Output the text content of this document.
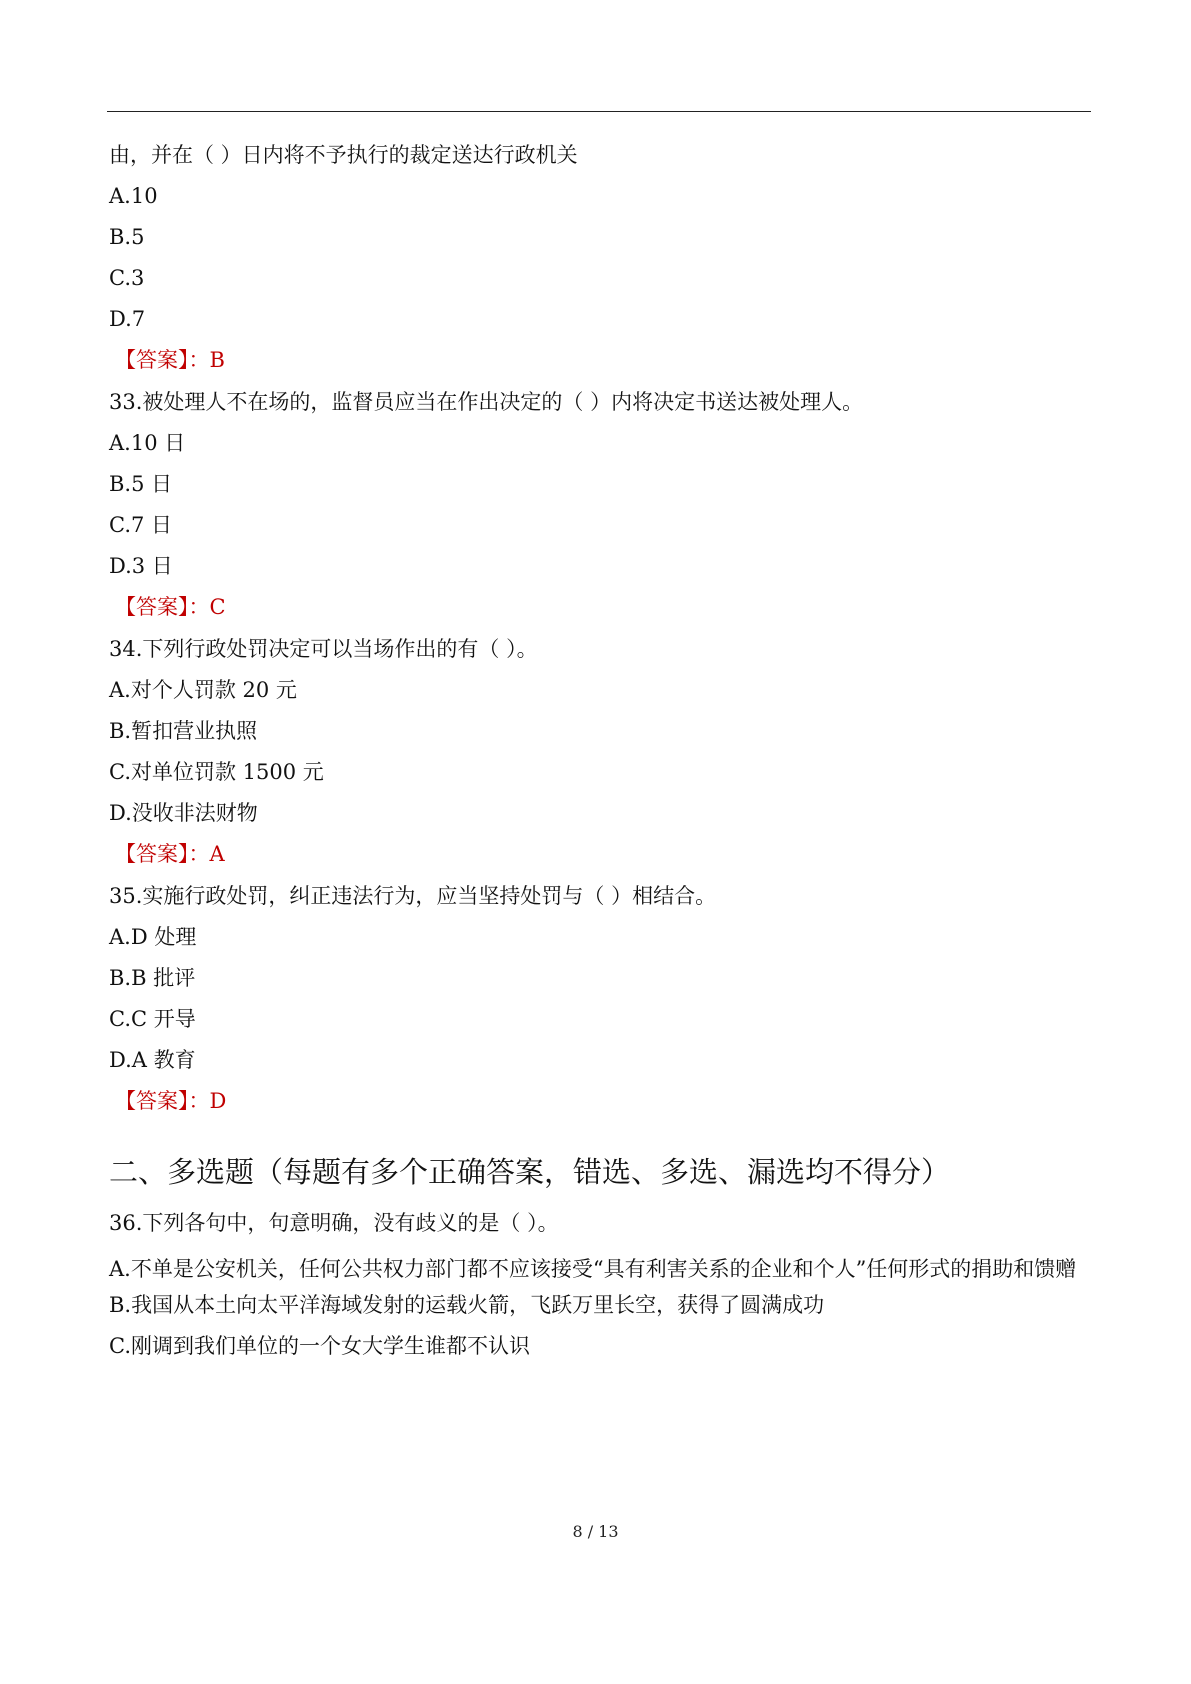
由，并在（ ）日内将不予执行的裁定送达行政机关
A.10
B.5
C.3
D.7
【答案】：B
33.被处理人不在场的，监督员应当在作出决定的（ ）内将决定书送达被处理人。
A.10 日
B.5 日
C.7 日
D.3 日
【答案】：C
34.下列行政处罚决定可以当场作出的有（ ）。
A.对个人罚款 20 元
B.暂扣营业执照
C.对单位罚款 1500 元
D.没收非法财物
【答案】：A
35.实施行政处罚，纠正违法行为，应当坚持处罚与（ ）相结合。
A.D 处理
B.B 批评
C.C 开导
D.A 教育
【答案】：D
二、多选题（每题有多个正确答案，错选、多选、漏选均不得分）
36.下列各句中，句意明确，没有歧义的是（ ）。
A.不单是公安机关，任何公共权力部门都不应该接受“具有利害关系的企业和个人”任何形式的捐助和馈赠
B.我国从本土向太平洋海域发射的运载火箭，飞跃万里长空，获得了圆满成功
C.刚调到我们单位的一个女大学生谁都不认识
8 / 13
